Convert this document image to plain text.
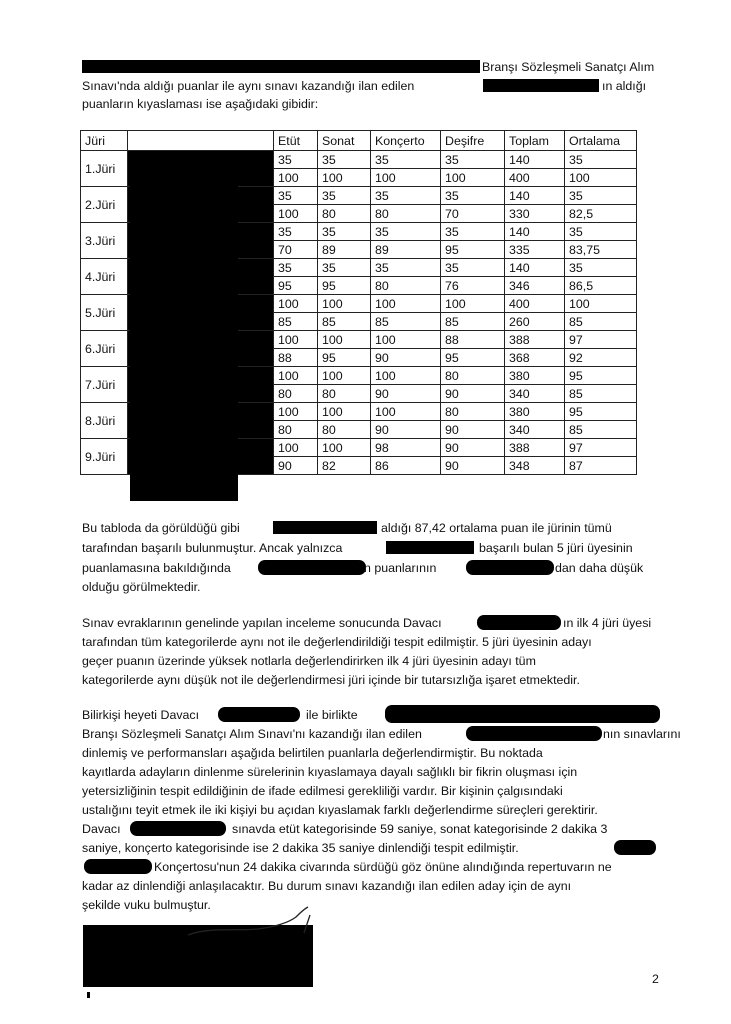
Branşı Sözleşmeli Sanatçı Alım
Sınavı'nda aldığı puanlar ile aynı sınavı kazandığı ilan edilen	ın aldığı
puanların kıyaslaması ise aşağıdaki gibidir:
Jüri		Etüt	Sonat	Konçerto	Deşifre	Toplam	Ortalama
1.Jüri		35	35	35	35	140	35
		100	100	100	100	400	100
2.Jüri		35	35	35	35	140	35
		100	80	80	70	330	82,5
3.Jüri		35	35	35	35	140	35
		70	89	89	95	335	83,75
4.Jüri		35	35	35	35	140	35
		95	95	80	76	346	86,5
5.Jüri		100	100	100	100	400	100
		85	85	85	85	260	85
6.Jüri		100	100	100	88	388	97
		88	95	90	95	368	92
7.Jüri		100	100	100	80	380	95
		80	80	90	90	340	85
8.Jüri		100	100	100	80	380	95
		80	80	90	90	340	85
9.Jüri		100	100	98	90	388	97
		90	82	86	90	348	87
Bu tabloda da görüldüğü gibi	aldığı 87,42 ortalama puan ile jürinin tümü
tarafından başarılı bulunmuştur. Ancak yalnızca	başarılı bulan 5 jüri üyesinin
puanlamasına bakıldığında	n puanlarının	dan daha düşük
olduğu görülmektedir.
Sınav evraklarının genelinde yapılan inceleme sonucunda Davacı	ın ilk 4 jüri üyesi
tarafından tüm kategorilerde aynı not ile değerlendirildiği tespit edilmiştir. 5 jüri üyesinin adayı
geçer puanın üzerinde yüksek notlarla değerlendirirken ilk 4 jüri üyesinin adayı tüm
kategorilerde aynı düşük not ile değerlendirmesi jüri içinde bir tutarsızlığa işaret etmektedir.
Bilirkişi heyeti Davacı	ile birlikte
Branşı Sözleşmeli Sanatçı Alım Sınavı'nı kazandığı ilan edilen	nın sınavlarını
dinlemiş ve performansları aşağıda belirtilen puanlarla değerlendirmiştir. Bu noktada
kayıtlarda adayların dinlenme sürelerinin kıyaslamaya dayalı sağlıklı bir fikrin oluşması için
yetersizliğinin tespit edildiğinin de ifade edilmesi gerekliliği vardır. Bir kişinin çalgısındaki
ustalığını teyit etmek ile iki kişiyi bu açıdan kıyaslamak farklı değerlendirme süreçleri gerektirir.
Davacı	sınavda etüt kategorisinde 59 saniye, sonat kategorisinde 2 dakika 3
saniye, konçerto kategorisinde ise 2 dakika 35 saniye dinlendiği tespit edilmiştir.
Konçertosu'nun 24 dakika civarında sürdüğü göz önüne alındığında repertuvarın ne
kadar az dinlendiği anlaşılacaktır. Bu durum sınavı kazandığı ilan edilen aday için de aynı
şekilde vuku bulmuştur.
2
